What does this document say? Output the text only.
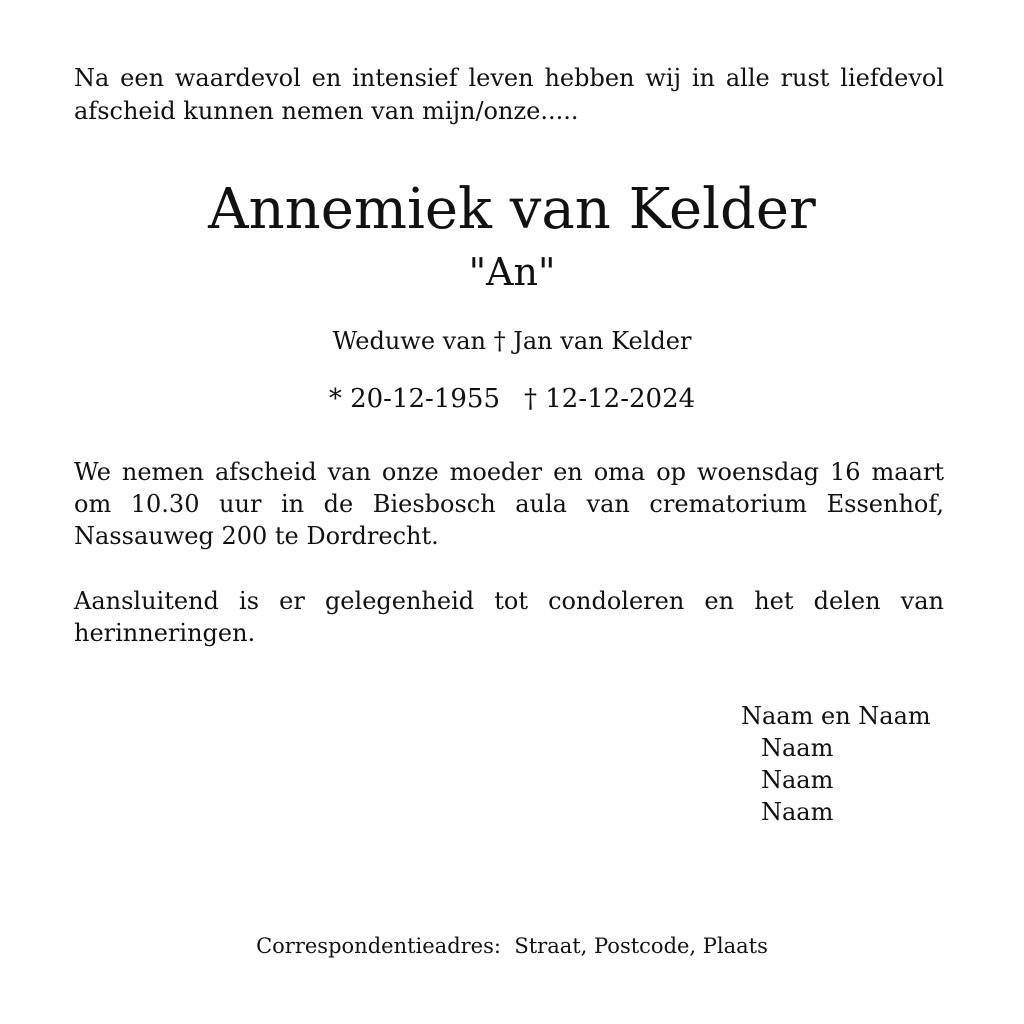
Na een waardevol en intensief leven hebben wij in alle rust liefdevol afscheid kunnen nemen van mijn/onze.....
Annemiek van Kelder
"An"
Weduwe van † Jan van Kelder
* 20-12-1955 † 12-12-2024
We nemen afscheid van onze moeder en oma op woensdag 16 maart om 10.30 uur in de Biesbosch aula van crematorium Essenhof, Nassauweg 200 te Dordrecht.
Aansluitend is er gelegenheid tot condoleren en het delen van herinneringen.
Naam en Naam
Naam
Naam
Naam
Correspondentieadres: Straat, Postcode, Plaats
